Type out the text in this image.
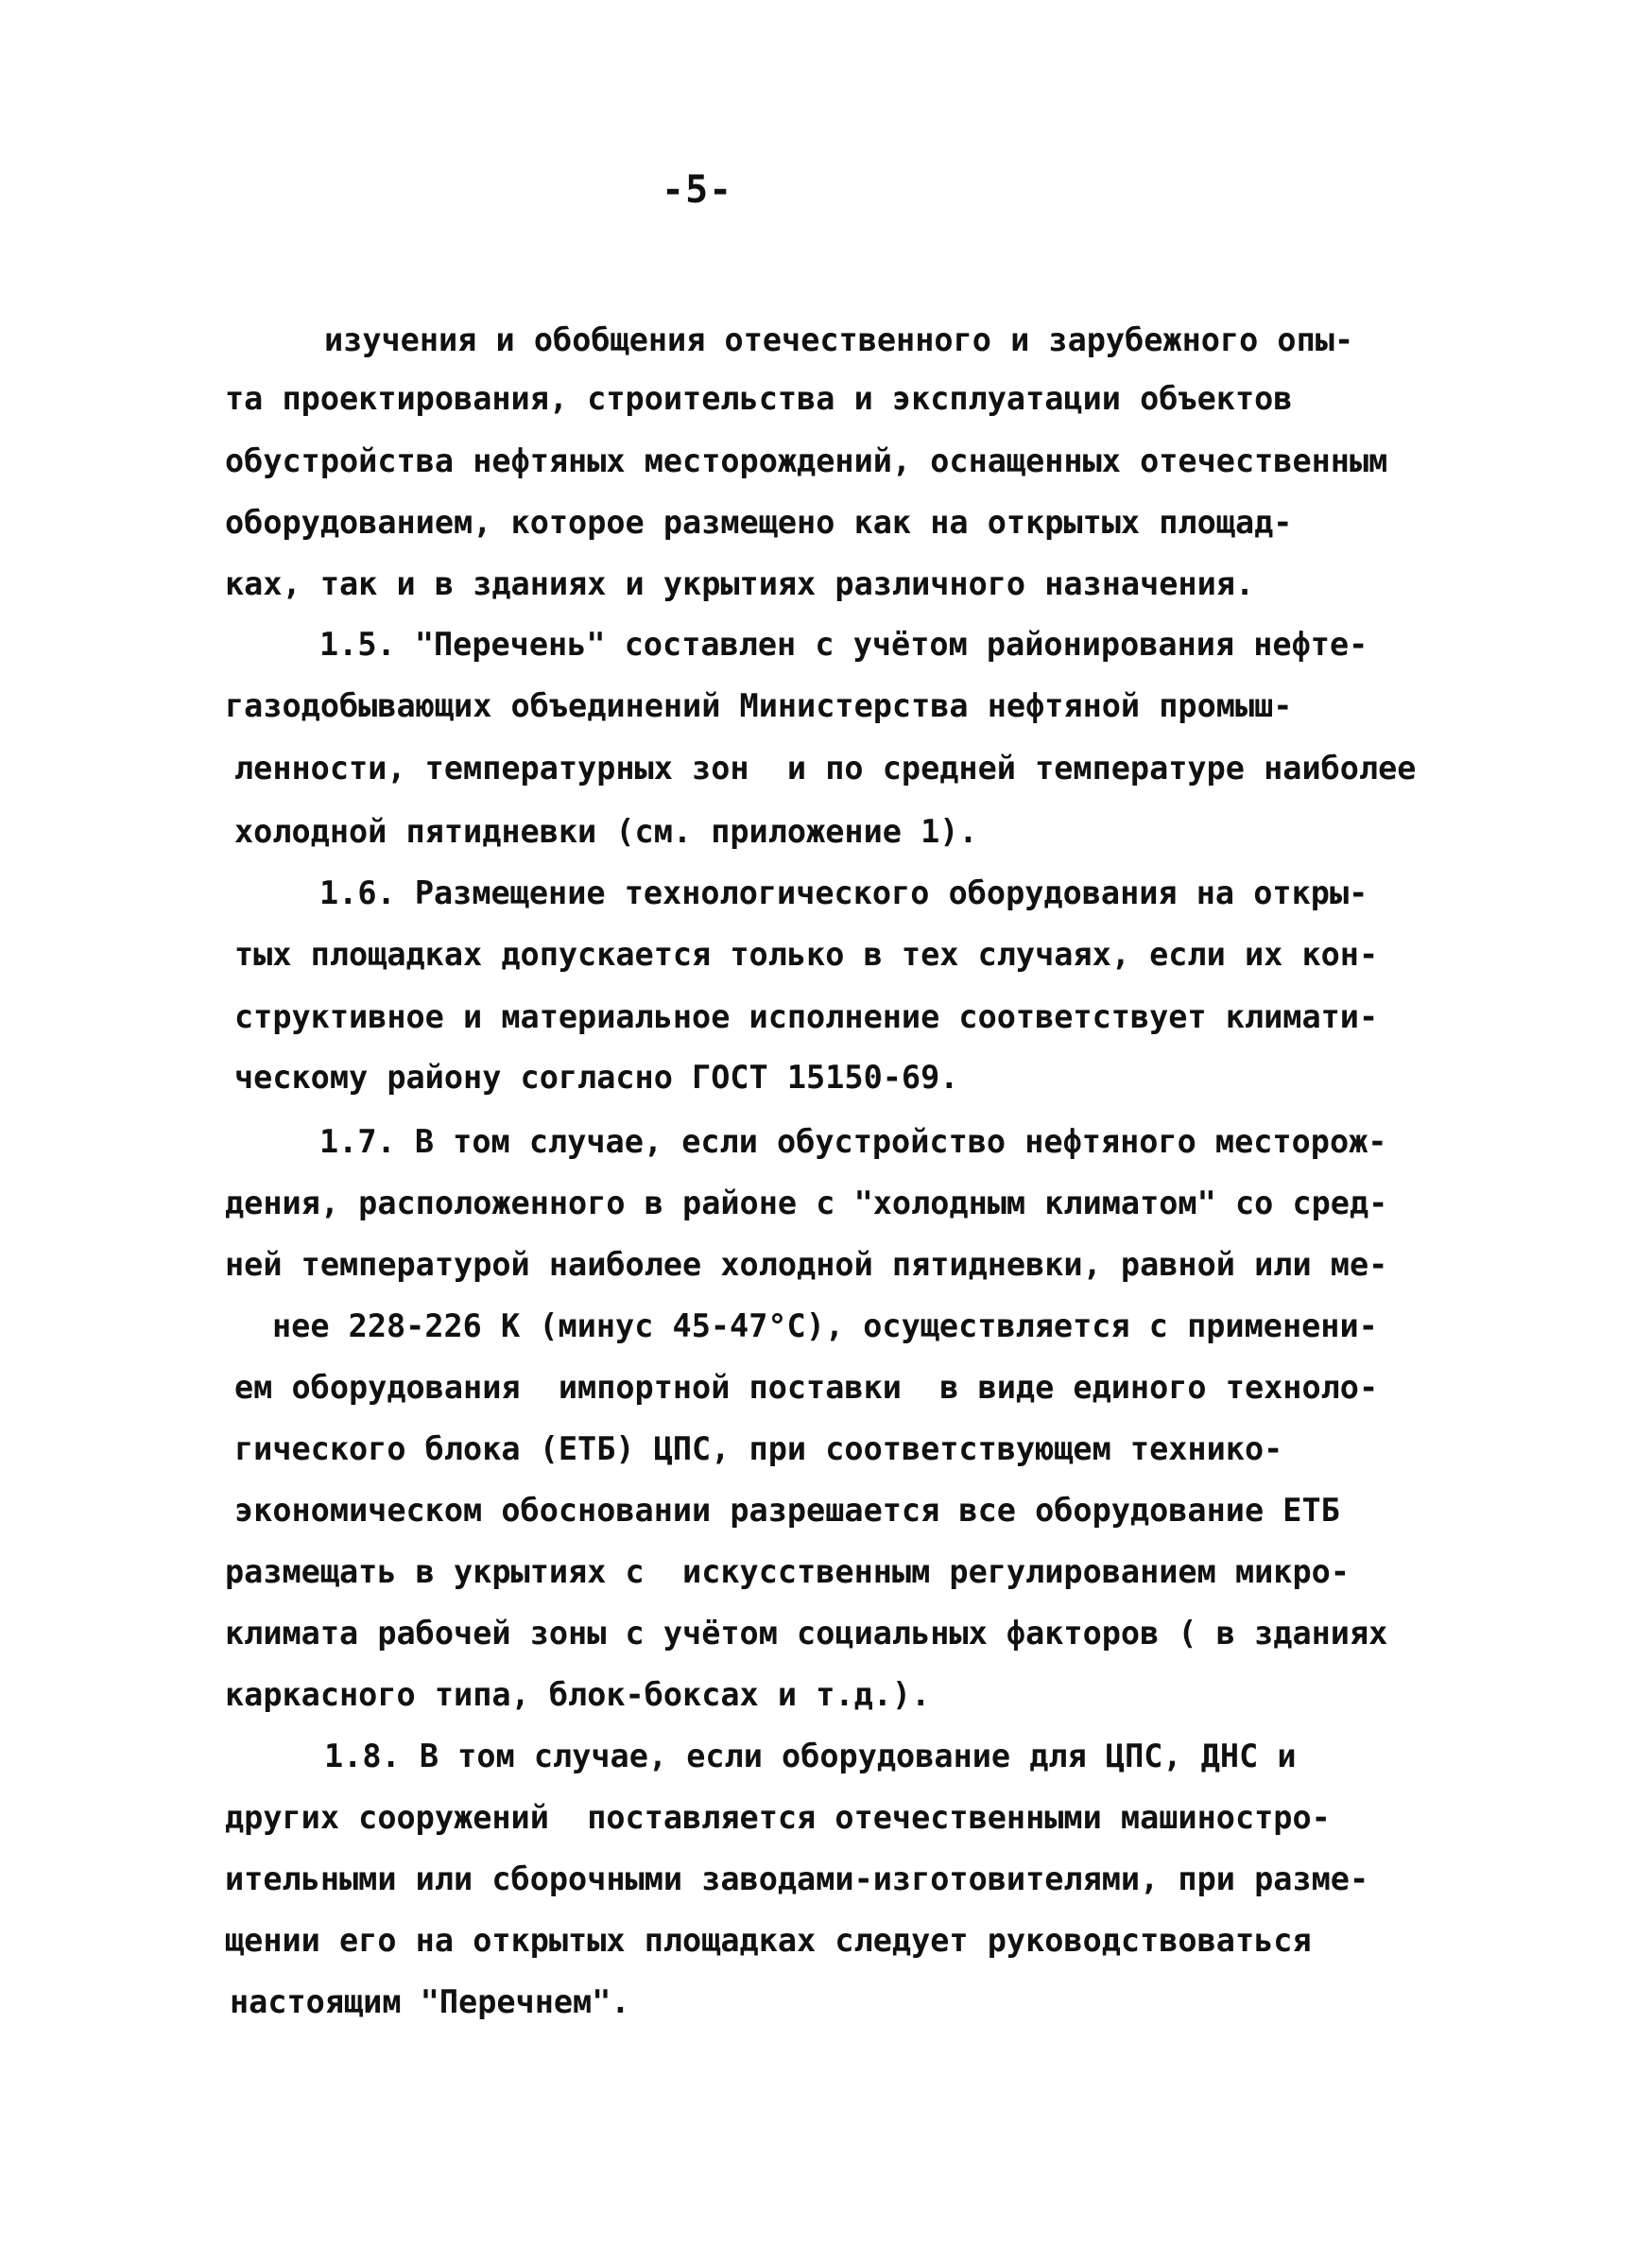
-5-
изучения и обобщения отечественного и зарубежного опы-
та проектирования, строительства и эксплуатации объектов
обустройства нефтяных месторождений, оснащенных отечественным
оборудованием, которое размещено как на открытых площад-
ках, так и в зданиях и укрытиях различного назначения.
1.5. "Перечень" составлен с учётом районирования нефте-
газодобывающих объединений Министерства нефтяной промыш-
ленности, температурных зон  и по средней температуре наиболее
холодной пятидневки (см. приложение 1).
1.6. Размещение технологического оборудования на откры-
тых площадках допускается только в тех случаях, если их кон-
структивное и материальное исполнение соответствует климати-
ческому району согласно ГОСТ 15150-69.
1.7. В том случае, если обустройство нефтяного месторож-
дения, расположенного в районе с "холодным климатом" со сред-
ней температурой наиболее холодной пятидневки, равной или ме-
нее 228-226 К (минус 45-47°С), осуществляется с применени-
ем оборудования  импортной поставки  в виде единого техноло-
гического блока (ЕТБ) ЦПС, при соответствующем технико-
экономическом обосновании разрешается все оборудование ЕТБ
размещать в укрытиях с  искусственным регулированием микро-
климата рабочей зоны с учётом социальных факторов ( в зданиях
каркасного типа, блок-боксах и т.д.).
1.8. В том случае, если оборудование для ЦПС, ДНС и
других сооружений  поставляется отечественными машиностро-
ительными или сборочными заводами-изготовителями, при разме-
щении его на открытых площадках следует руководствоваться
настоящим "Перечнем".
